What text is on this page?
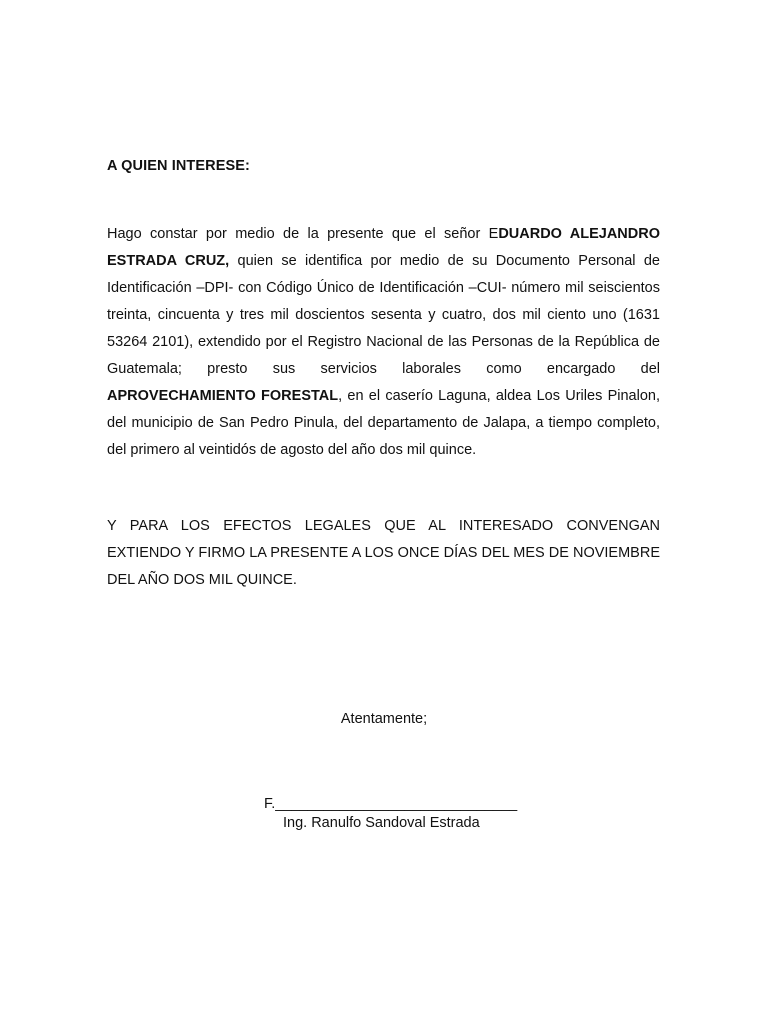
A QUIEN INTERESE:
Hago constar por medio de la presente que el señor EDUARDO ALEJANDRO ESTRADA CRUZ, quien se identifica por medio de su Documento Personal de Identificación –DPI- con Código Único de Identificación –CUI- número mil seiscientos treinta, cincuenta y tres mil doscientos sesenta y cuatro, dos mil ciento uno (1631 53264 2101), extendido por el Registro Nacional de las Personas de la República de Guatemala; presto sus servicios laborales como encargado del APROVECHAMIENTO FORESTAL, en el caserío Laguna, aldea Los Uriles Pinalon, del municipio de San Pedro Pinula, del departamento de Jalapa, a tiempo completo, del primero al veintidós de agosto del año dos mil quince.
Y PARA LOS EFECTOS LEGALES QUE AL INTERESADO CONVENGAN EXTIENDO Y FIRMO LA PRESENTE A LOS ONCE DÍAS DEL MES DE NOVIEMBRE DEL AÑO DOS MIL QUINCE.
Atentamente;
F.______________________________
Ing. Ranulfo Sandoval Estrada
